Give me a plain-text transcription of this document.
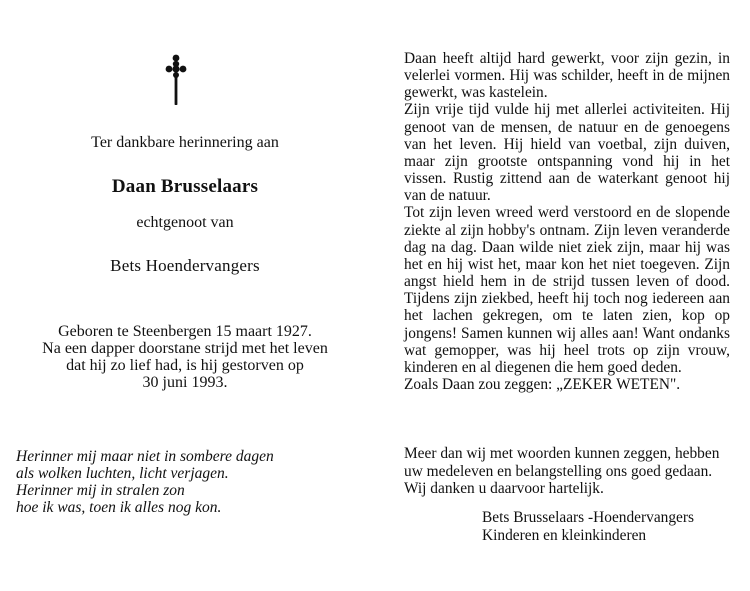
Ter dankbare herinnering aan
Daan Brusselaars
echtgenoot van
Bets Hoendervangers
Geboren te Steenbergen 15 maart 1927.
Na een dapper doorstane strijd met het leven
dat hij zo lief had, is hij gestorven op
30 juni 1993.
Herinner mij maar niet in sombere dagen
als wolken luchten, licht verjagen.
Herinner mij in stralen zon
hoe ik was, toen ik alles nog kon.

Daan heeft altijd hard gewerkt, voor zijn gezin, in velerlei vormen. Hij was schilder, heeft in de mijnen gewerkt, was kastelein.

Zijn vrije tijd vulde hij met allerlei activiteiten. Hij genoot van de mensen, de natuur en de genoegens van het leven. Hij hield van voetbal, zijn duiven, maar zijn grootste ontspanning vond hij in het vissen. Rustig zittend aan de waterkant genoot hij van de natuur.

Tot zijn leven wreed werd verstoord en de slopende ziekte al zijn hobby's ontnam. Zijn leven veranderde dag na dag. Daan wilde niet ziek zijn, maar hij was het en hij wist het, maar kon het niet toegeven. Zijn angst hield hem in de strijd tussen leven of dood. Tijdens zijn ziekbed, heeft hij toch nog iedereen aan het lachen gekregen, om te laten zien, kop op jongens! Samen kunnen wij alles aan! Want ondanks wat gemopper, was hij heel trots op zijn vrouw, kinderen en al diegenen die hem goed deden.

Zoals Daan zou zeggen: „ZEKER WETEN".

Meer dan wij met woorden kunnen zeggen, hebben uw medeleven en belangstelling ons goed gedaan. Wij danken u daarvoor hartelijk.
Bets Brusselaars -Hoendervangers
Kinderen en kleinkinderen
